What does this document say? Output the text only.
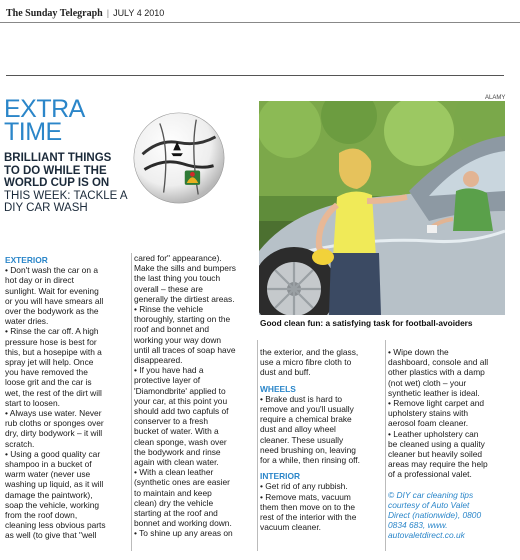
The Sunday Telegraph | JULY 4 2010
EXTRA
TIME
BRILLIANT THINGS
TO DO WHILE THE
WORLD CUP IS ON
THIS WEEK: TACKLE A
DIY CAR WASH
ALAMY
Good clean fun: a satisfying task for football-avoiders

EXTERIOR

• Don't wash the car on a

hot day or in direct

sunlight. Wait for evening

or you will have smears all

over the bodywork as the

water dries.

• Rinse the car off. A high

pressure hose is best for

this, but a hosepipe with a

spray jet will help. Once

you have removed the

loose grit and the car is

wet, the rest of the dirt will

start to loosen.

• Always use water. Never

rub cloths or sponges over

dry, dirty bodywork – it will

scratch.

• Using a good quality car

shampoo in a bucket of

warm water (never use

washing up liquid, as it will

damage the paintwork),

soap the vehicle, working

from the roof down,

cleaning less obvious parts

as well (to give that "well

cared for" appearance).

Make the sills and bumpers

the last thing you touch

overall – these are

generally the dirtiest areas.

• Rinse the vehicle

thoroughly, starting on the

roof and bonnet and

working your way down

until all traces of soap have

disappeared.

• If you have had a

protective layer of

'Diamondbrite' applied to

your car, at this point you

should add two capfuls of

conserver to a fresh

bucket of water. With a

clean sponge, wash over

the bodywork and rinse

again with clean water.

• With a clean leather

(synthetic ones are easier

to maintain and keep

clean) dry the vehicle

starting at the roof and

bonnet and working down.

• To shine up any areas on

the exterior, and the glass,

use a micro fibre cloth to

dust and buff.

WHEELS

• Brake dust is hard to

remove and you'll usually

require a chemical brake

dust and alloy wheel

cleaner. These usually

need brushing on, leaving

for a while, then rinsing off.

INTERIOR

• Get rid of any rubbish.

• Remove mats, vacuum

them then move on to the

rest of the interior with the

vacuum cleaner.

• Wipe down the

dashboard, console and all

other plastics with a damp

(not wet) cloth – your

synthetic leather is ideal.

• Remove light carpet and

upholstery stains with

aerosol foam cleaner.

• Leather upholstery can

be cleaned using a quality

cleaner but heavily soiled

areas may require the help

of a professional valet.

© DIY car cleaning tips

courtesy of Auto Valet

Direct (nationwide), 0800

0834 683, www.

autovaletdirect.co.uk
